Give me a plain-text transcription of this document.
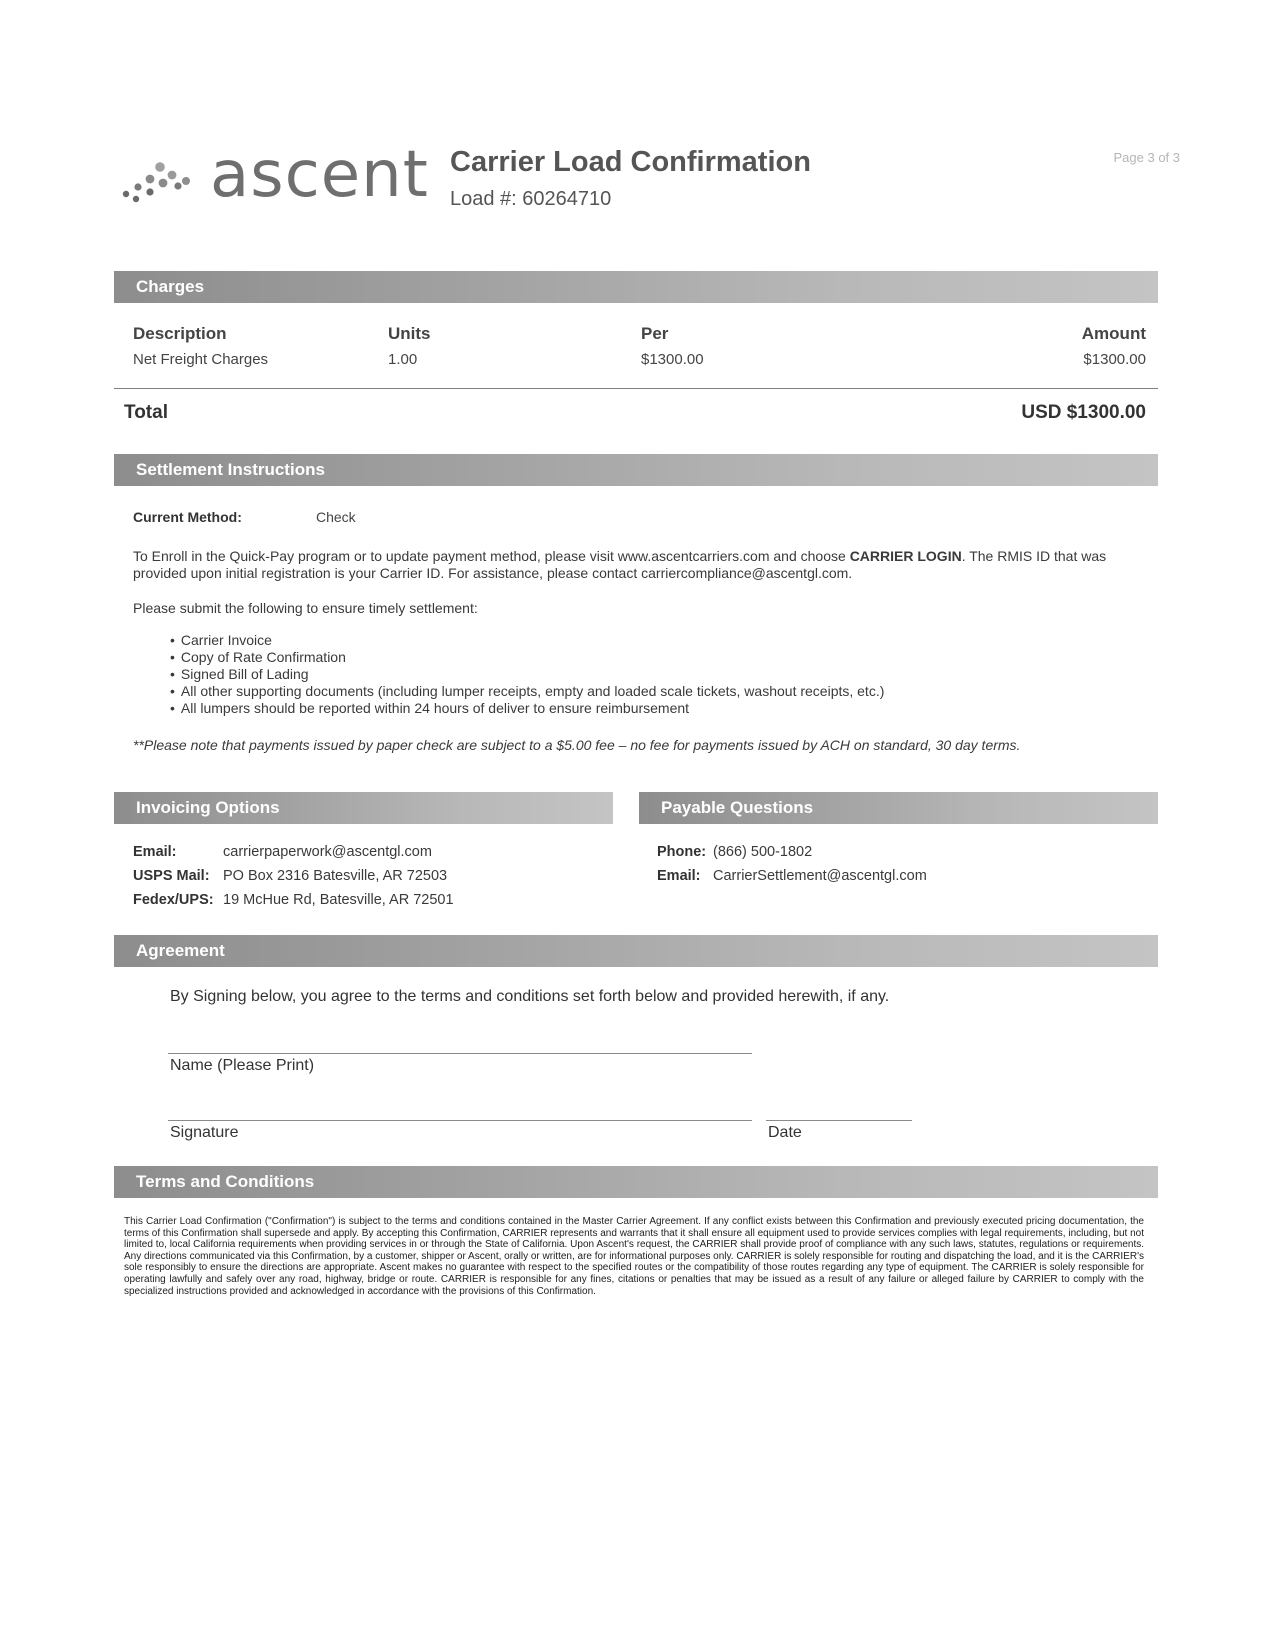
ascent Carrier Load Confirmation
Load #: 60264710
Page 3 of 3
Charges
Description	Units	Per	Amount
Net Freight Charges	1.00	$1300.00	$1300.00
Total	USD $1300.00
Settlement Instructions
Current Method:	Check
To Enroll in the Quick-Pay program or to update payment method, please visit www.ascentcarriers.com and choose CARRIER LOGIN. The RMIS ID that was provided upon initial registration is your Carrier ID. For assistance, please contact carriercompliance@ascentgl.com.
Please submit the following to ensure timely settlement:
• Carrier Invoice
• Copy of Rate Confirmation
• Signed Bill of Lading
• All other supporting documents (including lumper receipts, empty and loaded scale tickets, washout receipts, etc.)
• All lumpers should be reported within 24 hours of deliver to ensure reimbursement
**Please note that payments issued by paper check are subject to a $5.00 fee – no fee for payments issued by ACH on standard, 30 day terms.
Invoicing Options	Payable Questions
Email:	carrierpaperwork@ascentgl.com
USPS Mail: PO Box 2316 Batesville, AR 72503
Fedex/UPS: 19 McHue Rd, Batesville, AR 72501
Phone: (866) 500-1802
Email: CarrierSettlement@ascentgl.com
Agreement
By Signing below, you agree to the terms and conditions set forth below and provided herewith, if any.
Name (Please Print)
Signature	Date
Terms and Conditions
This Carrier Load Confirmation ("Confirmation") is subject to the terms and conditions contained in the Master Carrier Agreement. If any conflict exists between this Confirmation and previously executed pricing documentation, the terms of this Confirmation shall supersede and apply. By accepting this Confirmation, CARRIER represents and warrants that it shall ensure all equipment used to provide services complies with legal requirements, including, but not limited to, local California requirements when providing services in or through the State of California. Upon Ascent's request, the CARRIER shall provide proof of compliance with any such laws, statutes, regulations or requirements. Any directions communicated via this Confirmation, by a customer, shipper or Ascent, orally or written, are for informational purposes only. CARRIER is solely responsible for routing and dispatching the load, and it is the CARRIER's sole responsibly to ensure the directions are appropriate. Ascent makes no guarantee with respect to the specified routes or the compatibility of those routes regarding any type of equipment. The CARRIER is solely responsible for operating lawfully and safely over any road, highway, bridge or route. CARRIER is responsible for any fines, citations or penalties that may be issued as a result of any failure or alleged failure by CARRIER to comply with the specialized instructions provided and acknowledged in accordance with the provisions of this Confirmation.
